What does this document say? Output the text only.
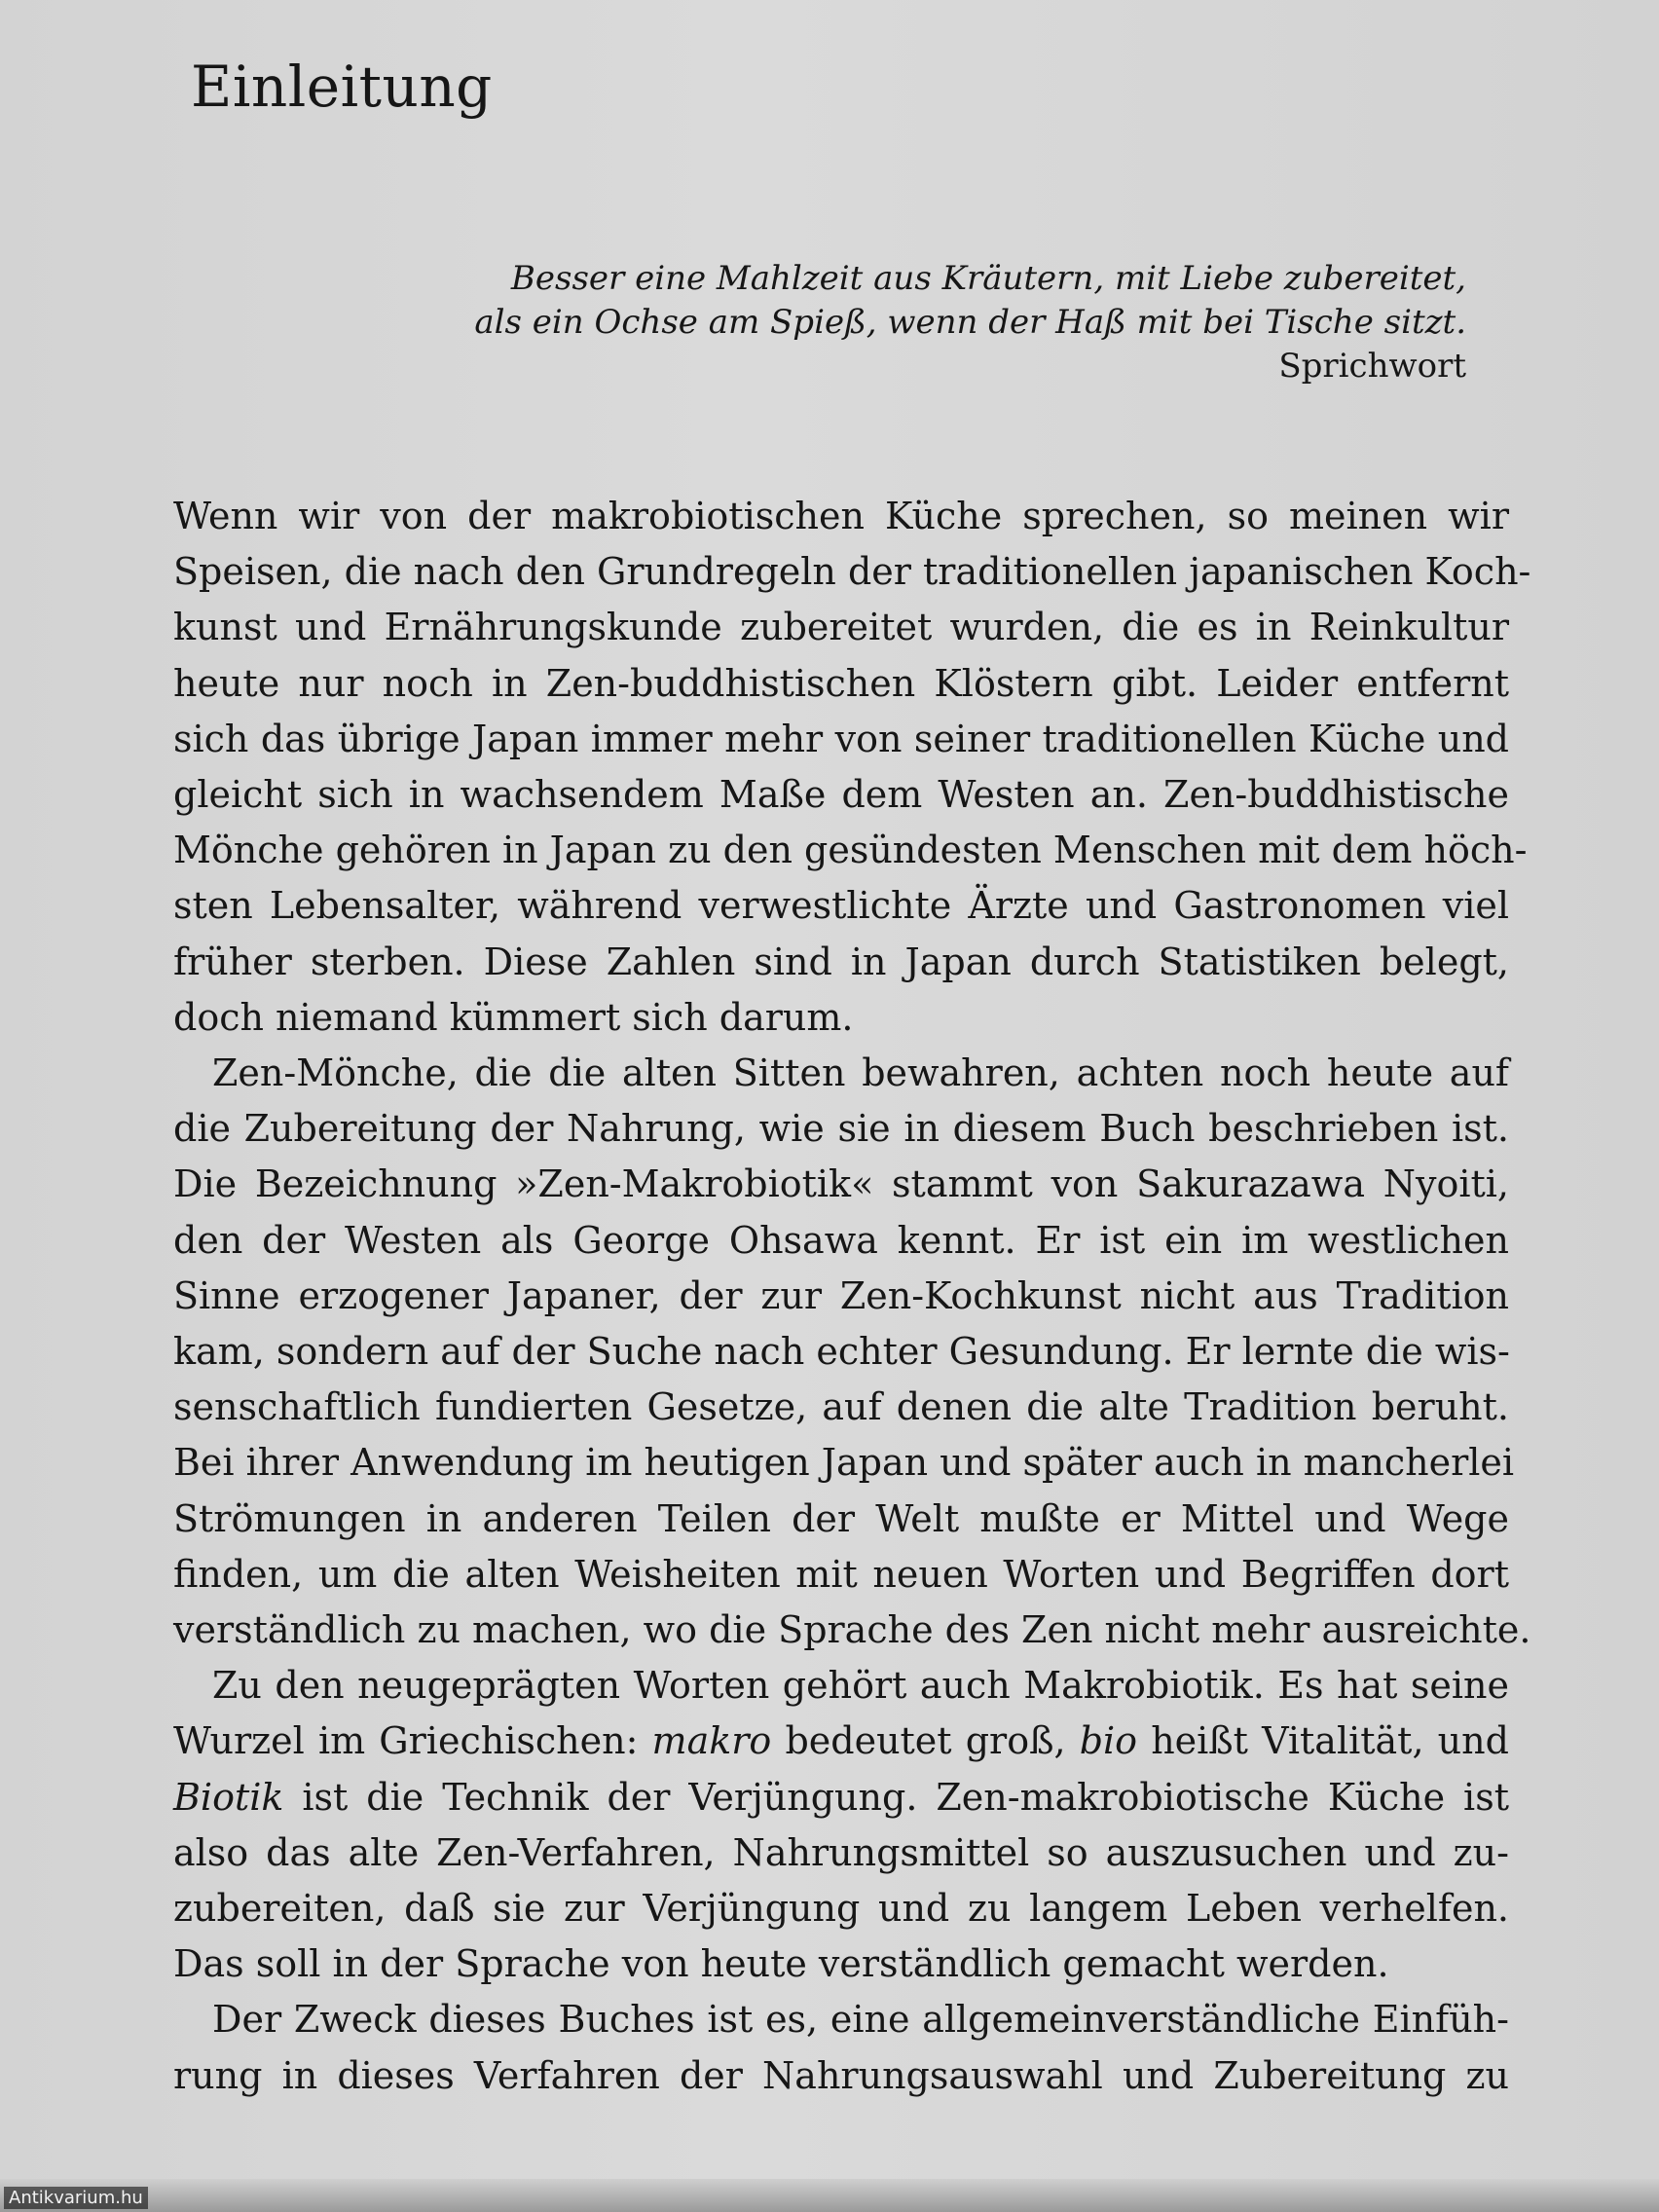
Einleitung
Besser eine Mahlzeit aus Kräutern, mit Liebe zubereitet,
als ein Ochse am Spieß, wenn der Haß mit bei Tische sitzt.
Sprichwort
Wenn wir von der makrobiotischen Küche sprechen, so meinen wir
Speisen, die nach den Grundregeln der traditionellen japanischen Koch-
kunst und Ernährungskunde zubereitet wurden, die es in Reinkultur
heute nur noch in Zen-buddhistischen Klöstern gibt. Leider entfernt
sich das übrige Japan immer mehr von seiner traditionellen Küche und
gleicht sich in wachsendem Maße dem Westen an. Zen-buddhistische
Mönche gehören in Japan zu den gesündesten Menschen mit dem höch-
sten Lebensalter, während verwestlichte Ärzte und Gastronomen viel
früher sterben. Diese Zahlen sind in Japan durch Statistiken belegt,
doch niemand kümmert sich darum.
Zen-Mönche, die die alten Sitten bewahren, achten noch heute auf
die Zubereitung der Nahrung, wie sie in diesem Buch beschrieben ist.
Die Bezeichnung »Zen-Makrobiotik« stammt von Sakurazawa Nyoiti,
den der Westen als George Ohsawa kennt. Er ist ein im westlichen
Sinne erzogener Japaner, der zur Zen-Kochkunst nicht aus Tradition
kam, sondern auf der Suche nach echter Gesundung. Er lernte die wis-
senschaftlich fundierten Gesetze, auf denen die alte Tradition beruht.
Bei ihrer Anwendung im heutigen Japan und später auch in mancherlei
Strömungen in anderen Teilen der Welt mußte er Mittel und Wege
finden, um die alten Weisheiten mit neuen Worten und Begriffen dort
verständlich zu machen, wo die Sprache des Zen nicht mehr ausreichte.
Zu den neugeprägten Worten gehört auch Makrobiotik. Es hat seine
Wurzel im Griechischen: makro bedeutet groß, bio heißt Vitalität, und
Biotik ist die Technik der Verjüngung. Zen-makrobiotische Küche ist
also das alte Zen-Verfahren, Nahrungsmittel so auszusuchen und zu-
zubereiten, daß sie zur Verjüngung und zu langem Leben verhelfen.
Das soll in der Sprache von heute verständlich gemacht werden.
Der Zweck dieses Buches ist es, eine allgemeinverständliche Einfüh-
rung in dieses Verfahren der Nahrungsauswahl und Zubereitung zu
Antikvarium.hu
